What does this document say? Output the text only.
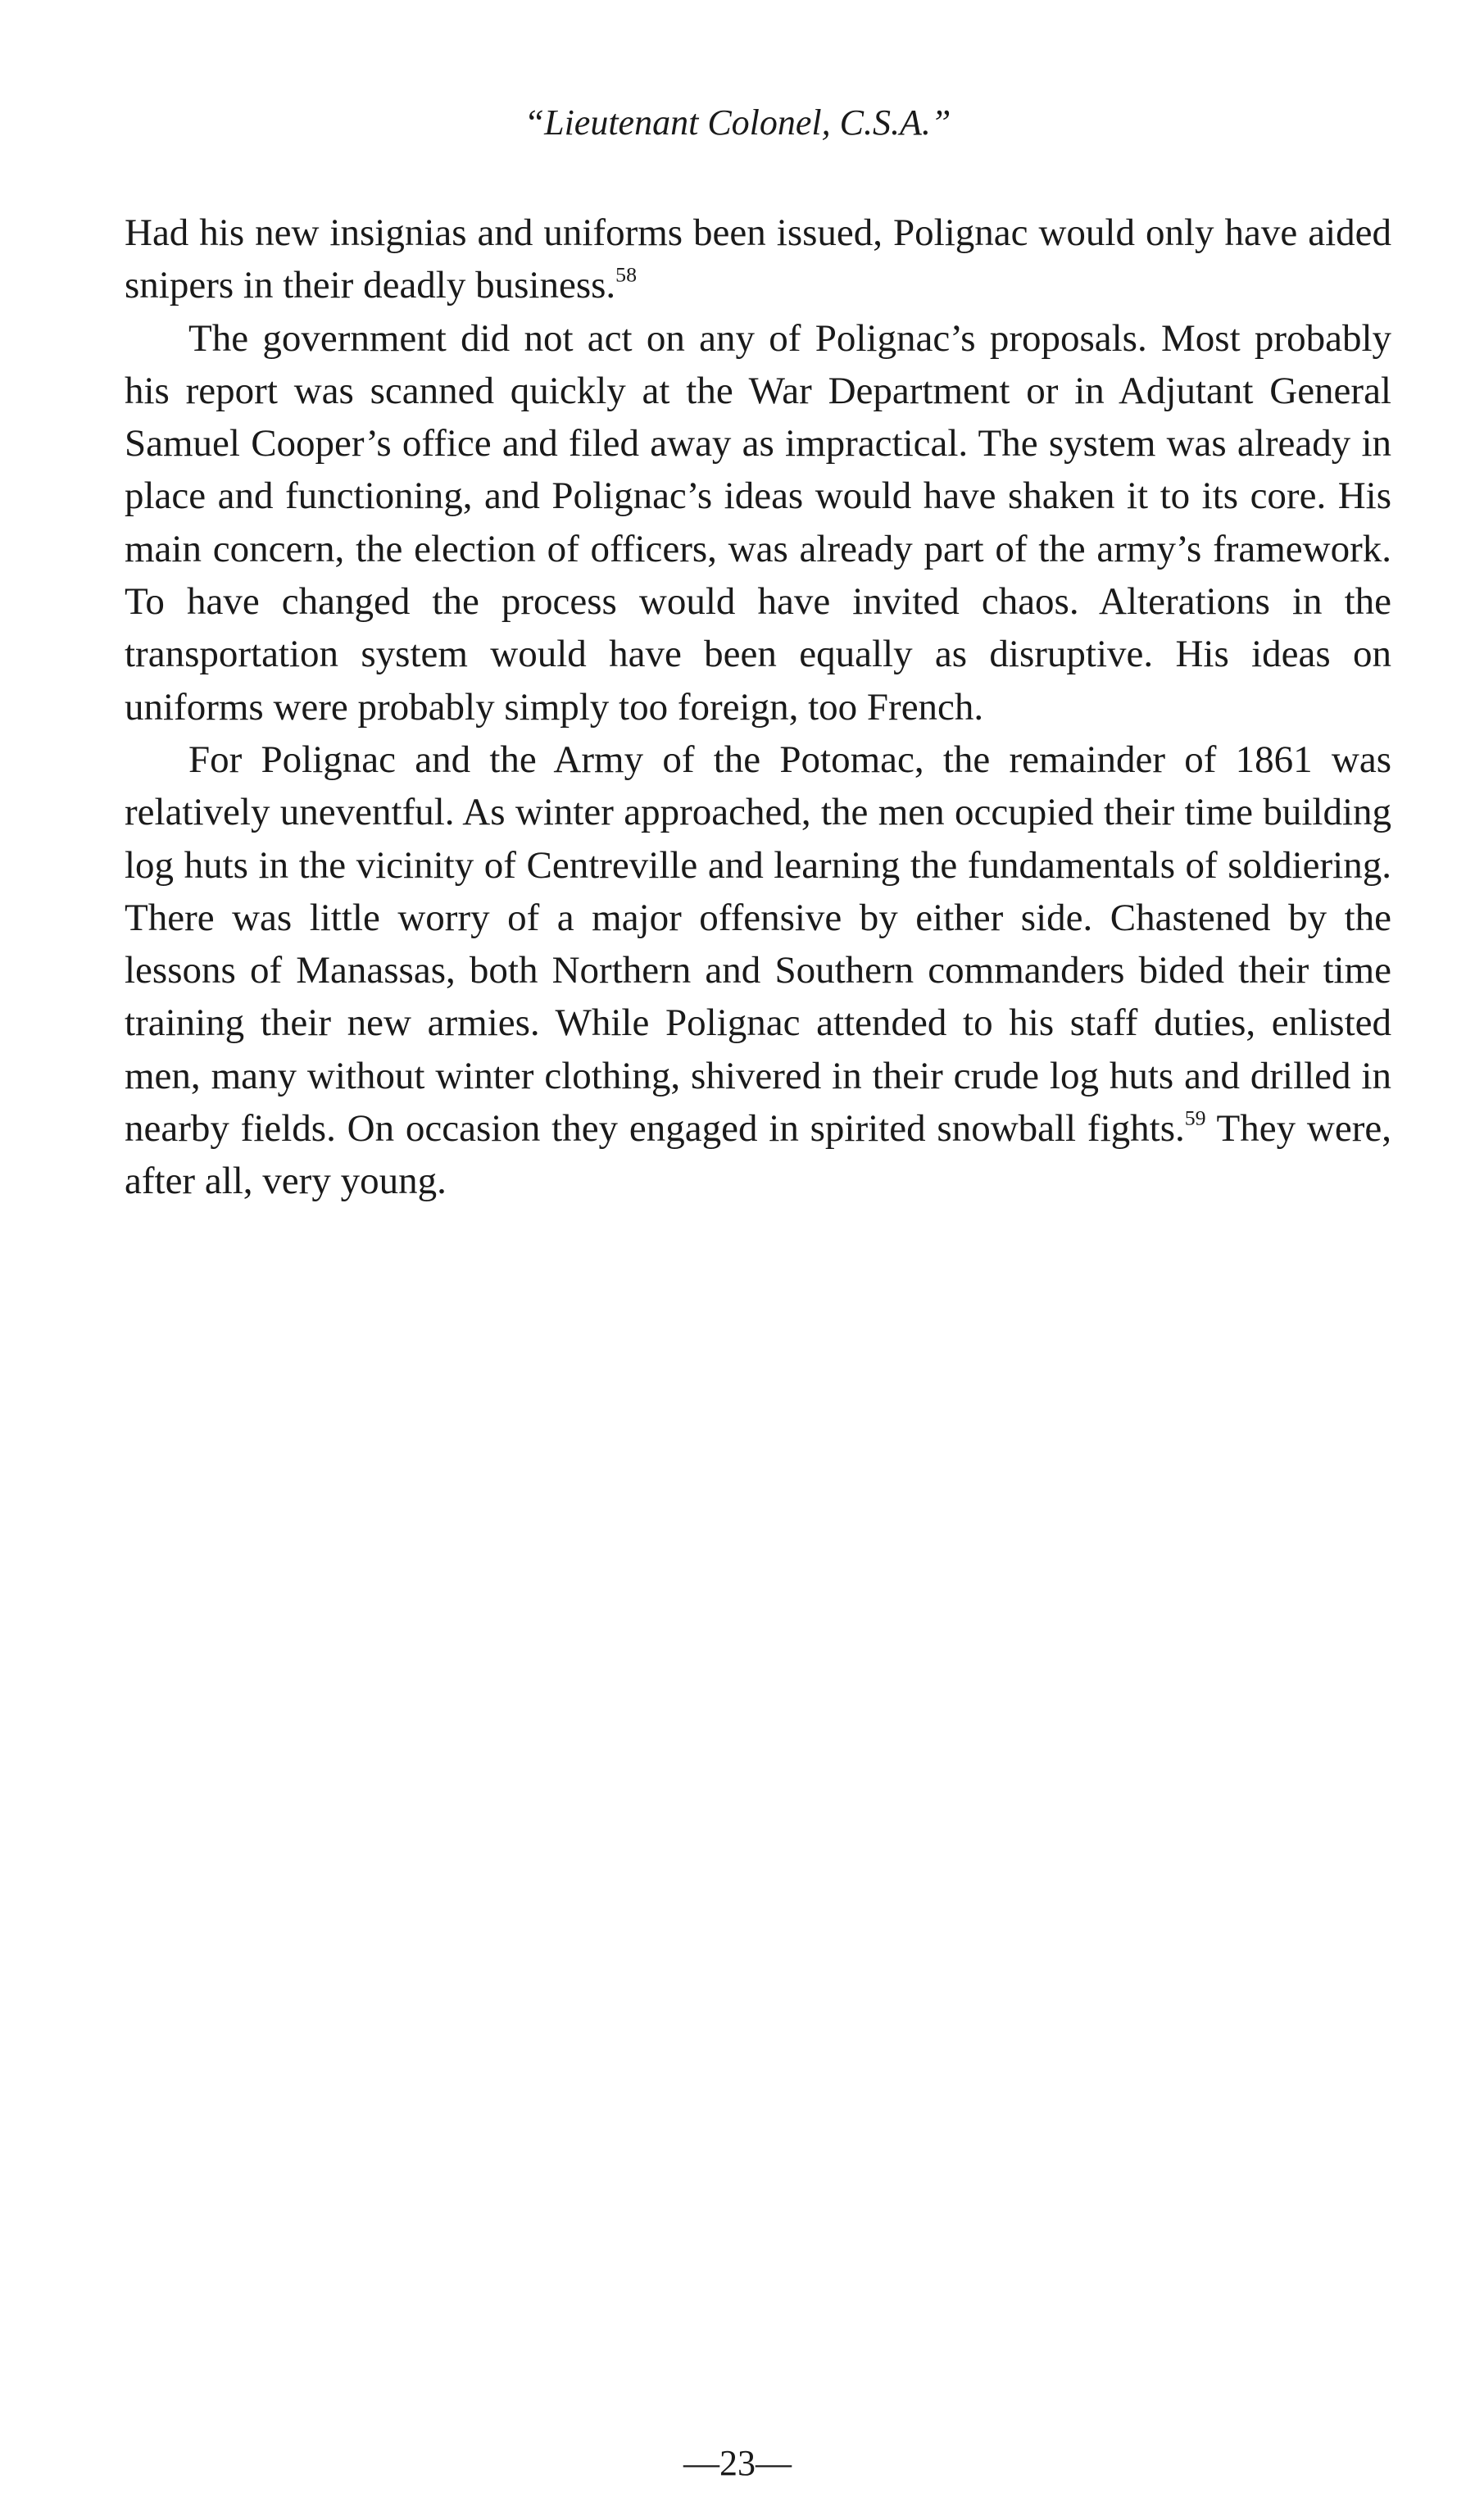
“Lieutenant Colonel, C.S.A.”

Had his new insignias and uniforms been issued, Polignac would only have aided snipers in their deadly business.$^{58}$

The government did not act on any of Polignac’s proposals. Most probably his report was scanned quickly at the War Department or in Adjutant General Samuel Cooper’s office and filed away as impractical. The system was already in place and functioning, and Polignac’s ideas would have shaken it to its core. His main concern, the election of officers, was already part of the army’s framework. To have changed the process would have invited chaos. Alterations in the transportation system would have been equally as disruptive. His ideas on uniforms were probably simply too foreign, too French.

For Polignac and the Army of the Potomac, the remainder of 1861 was relatively uneventful. As winter approached, the men occupied their time building log huts in the vicinity of Centreville and learning the fundamentals of soldiering. There was little worry of a major offensive by either side. Chastened by the lessons of Manassas, both Northern and Southern commanders bided their time training their new armies. While Polignac attended to his staff duties, enlisted men, many without winter clothing, shivered in their crude log huts and drilled in nearby fields. On occasion they engaged in spirited snowball fights.$^{59}$ They were, after all, very young.

—23—
